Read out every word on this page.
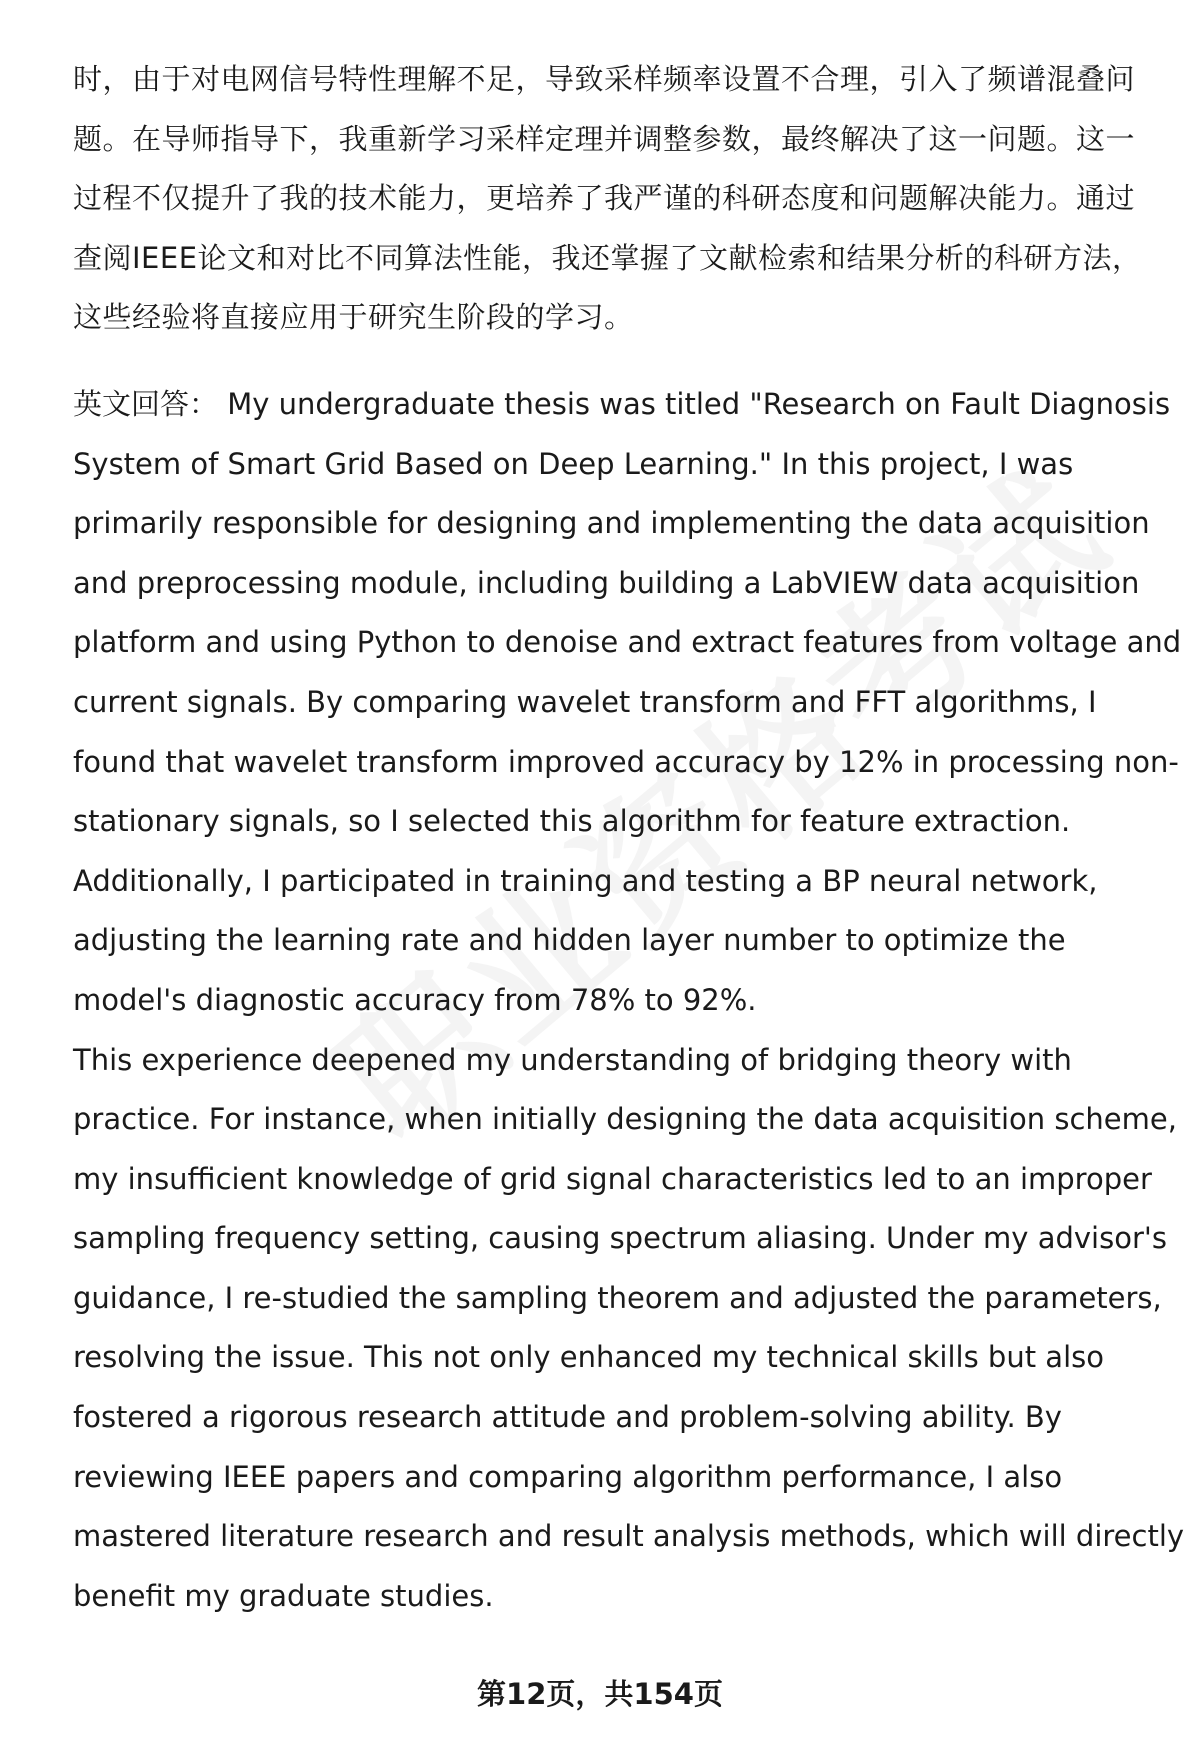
时，由于对电网信号特性理解不足，导致采样频率设置不合理，引入了频谱混叠问
题。在导师指导下，我重新学习采样定理并调整参数，最终解决了这一问题。这一
过程不仅提升了我的技术能力，更培养了我严谨的科研态度和问题解决能力。通过
查阅IEEE论文和对比不同算法性能，我还掌握了文献检索和结果分析的科研方法，
这些经验将直接应用于研究生阶段的学习。
英文回答： My undergraduate thesis was titled "Research on Fault Diagnosis
System of Smart Grid Based on Deep Learning." In this project, I was
primarily responsible for designing and implementing the data acquisition
and preprocessing module, including building a LabVIEW data acquisition
platform and using Python to denoise and extract features from voltage and
current signals. By comparing wavelet transform and FFT algorithms, I
found that wavelet transform improved accuracy by 12% in processing non-
stationary signals, so I selected this algorithm for feature extraction.
Additionally, I participated in training and testing a BP neural network,
adjusting the learning rate and hidden layer number to optimize the
model's diagnostic accuracy from 78% to 92%.
This experience deepened my understanding of bridging theory with
practice. For instance, when initially designing the data acquisition scheme,
my insufficient knowledge of grid signal characteristics led to an improper
sampling frequency setting, causing spectrum aliasing. Under my advisor's
guidance, I re-studied the sampling theorem and adjusted the parameters,
resolving the issue. This not only enhanced my technical skills but also
fostered a rigorous research attitude and problem-solving ability. By
reviewing IEEE papers and comparing algorithm performance, I also
mastered literature research and result analysis methods, which will directly
benefit my graduate studies.
第12页，共154页
